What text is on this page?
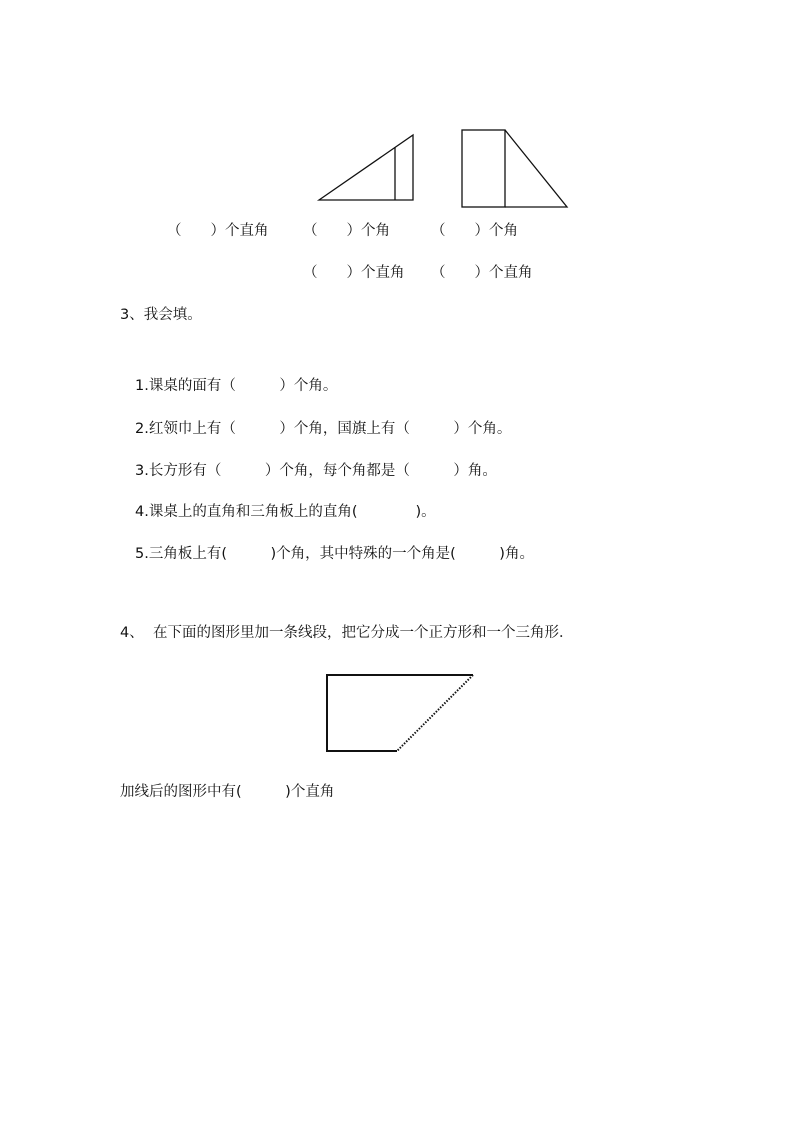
（　　）个直角 （　　）个角	（　　）个角
（　　）个直角 （　　）个直角
3、我会填。
1.课桌的面有（　　　）个角。
2.红领巾上有（　　　）个角，国旗上有（　　　）个角。
3.长方形有（　　　）个角，每个角都是（　　　）角。
4.课桌上的直角和三角板上的直角(　　　　)。
5.三角板上有(　　　)个角，其中特殊的一个角是(　　　)角。
4、  在下面的图形里加一条线段，把它分成一个正方形和一个三角形．
加线后的图形中有(　　　)个直角
